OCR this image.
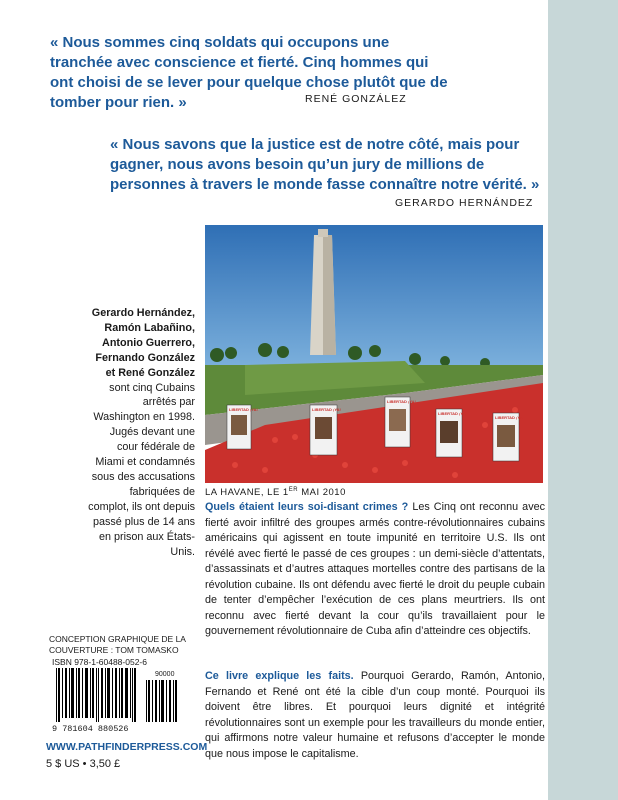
« Nous sommes cinq soldats qui occupons une tranchée avec conscience et fierté. Cinq hommes qui ont choisi de se lever pour quelque chose plutôt que de tomber pour rien. »	RENÉ GONZÁLEZ
« Nous savons que la justice est de notre côté, mais pour gagner, nous avons besoin qu’un jury de millions de personnes à travers le monde fasse connaître notre vérité. »
GERARDO HERNÁNDEZ
LIBERTAD ¡YA!	LIBERTAD ¡YA!
LIBERTAD ¡YA!
LIBERTAD ¡YA!
LIBERTAD ¡YA!
LA HAVANE, LE 1ER MAI 2010
Gerardo Hernández, Ramón Labañino, Antonio Guerrero, Fernando González et René González sont cinq Cubains arrêtés par Washington en 1998. Jugés devant une cour fédérale de Miami et condamnés sous des accusations fabriquées de complot, ils ont depuis passé plus de 14 ans en prison aux États-Unis.
Quels étaient leurs soi-disant crimes ? Les Cinq ont reconnu avec fierté avoir infiltré des groupes armés contre-révolutionnaires cubains américains qui agissent en toute impunité en territoire U.S. Ils ont révélé avec fierté le passé de ces groupes : un demi-siècle d’attentats, d’assassinats et d’autres attaques mortelles contre des partisans de la révolution cubaine. Ils ont défendu avec fierté le droit du peuple cubain de tenter d’empêcher l’exécution de ces plans meurtriers. Ils ont reconnu avec fierté devant la cour qu’ils travaillaient pour le gouvernement révolutionnaire de Cuba afin d’atteindre ces objectifs.
Ce livre explique les faits. Pourquoi Gerardo, Ramón, Antonio, Fernando et René ont été la cible d’un coup monté. Pourquoi ils doivent être libres. Et pourquoi leurs dignité et intégrité révolutionnaires sont un exemple pour les travailleurs du monde entier, qui affirmons notre valeur humaine et refusons d’accepter le monde que nous impose le capitalisme.
CONCEPTION GRAPHIQUE DE LA COUVERTURE : TOM TOMASKO
ISBN 978-1-60488-052-6
90000
9 781604 880526
WWW.PATHFINDERPRESS.COM
5 $ US • 3,50 £
